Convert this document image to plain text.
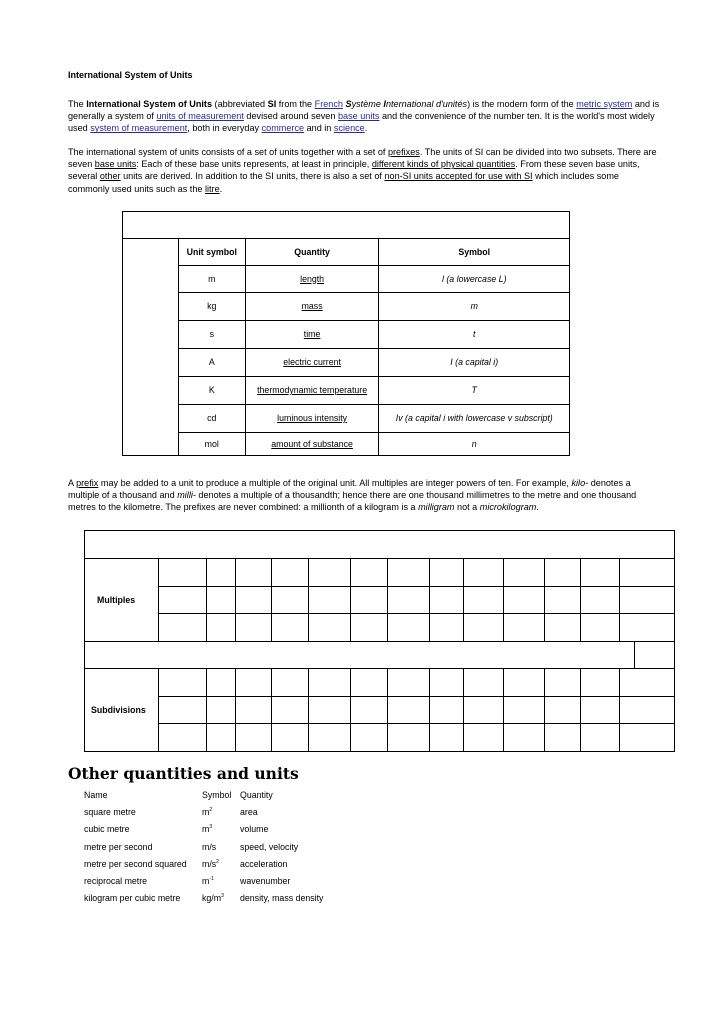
International System of Units

The International System of Units (abbreviated SI from the French Système International d'unités) is the modern form of the metric system and is generally a system of units of measurement devised around seven base units and the convenience of the number ten. It is the world's most widely used system of measurement, both in everyday commerce and in science.

The international system of units consists of a set of units together with a set of prefixes. The units of SI can be divided into two subsets. There are seven base units: Each of these base units represents, at least in principle, different kinds of physical quantities. From these seven base units, several other units are derived. In addition to the SI units, there is also a set of non-SI units accepted for use with SI which includes some commonly used units such as the litre.

	Unit symbol	Quantity	Symbol
	m	length	l (a lowercase L)
	kg	mass	m
	s	time	t
	A	electric current	I (a capital i)
	K	thermodynamic temperature	T
	cd	luminous intensity	Iv (a capital i with lowercase v subscript)
	mol	amount of substance	n

A prefix may be added to a unit to produce a multiple of the original unit. All multiples are integer powers of ten. For example, kilo- denotes a multiple of a thousand and milli- denotes a multiple of a thousandth; hence there are one thousand millimetres to the metre and one thousand metres to the kilometre. The prefixes are never combined: a millionth of a kilogram is a milligram not a microkilogram.

Multiples														

Subdivisions														

Other quantities and units
Name	Symbol	Quantity
square metre	$m^2$	area
cubic metre	$m^3$	volume
metre per second	m/s	speed, velocity
metre per second squared	$m/s^2$	acceleration
reciprocal metre	$m^{-1}$	wavenumber
kilogram per cubic metre	$kg/m^3$	density, mass density
